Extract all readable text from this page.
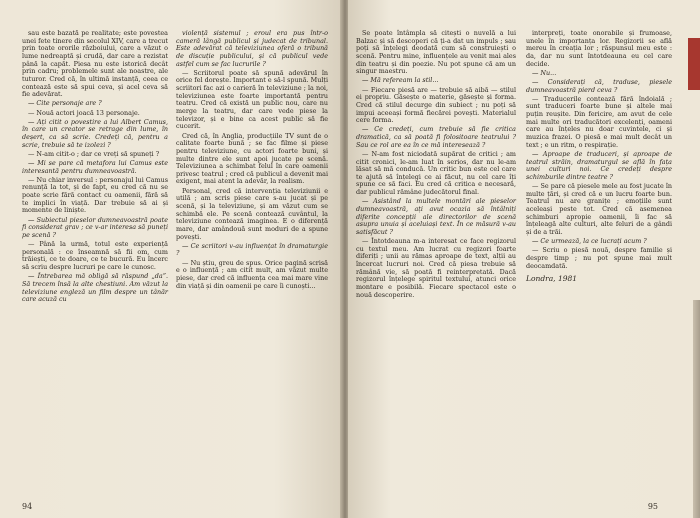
sau este bazată pe realitate; este povestea unei fete tinere din secolul XIV, care a trecut prin toate ororile războiului, care a văzut o lume nedreaptă și crudă, dar care a rezistat până la capăt. Piesa nu este istorică decât prin cadru; problemele sunt ale noastre, ale tuturor. Cred că, în ultimă instanță, ceea ce contează este să spui ceva, și acel ceva să fie adevărat.

— Cite personaje are ?

— Nouă actori joacă 13 personaje.

— Ați citit o povestire a lui Albert Camus, în care un creator se retrage din lume, în deșert, ca să scrie. Credeți că, pentru a scrie, trebuie să te izolezi ?

— N-am citit-o ; dar ce vreți să spuneți ?

— Mi se pare că metafora lui Camus este interesantă pentru dumneavoastră.

— Nu chiar inversul : personajul lui Camus renunță la tot, și de fapt, eu cred că nu se poate scrie fără contact cu oamenii, fără să te implici în viață. Dar trebuie să ai și momente de liniște.

— Subiectul pieselor dumneavoastră poate fi considerat grav ; ce v-ar interesa să puneți pe scenă ?

— Până la urmă, totul este experiență personală : ce înseamnă să fii om, cum trăiești, ce te doare, ce te bucură. Eu încerc să scriu despre lucruri pe care le cunosc.

— Întrebarea mă obligă să răspund „da”. Să trecem însă la alte chestiuni. Am văzut la televiziune engleză un film despre un tânăr care acuză cu

violență sistemul ; eroul era pus într-o cameră lângă publicul și judecat de tribunal. Este adevărat că televiziunea oferă o tribună de discuție publicului, și că publicul vede astfel cum se fac lucrurile ?

— Scriitorul poate să spună adevărul în orice fel dorește. Important e să-l spună. Mulți scriitori fac azi o carieră în televiziune ; la noi, televiziunea este foarte importantă pentru teatru. Cred că există un public nou, care nu merge la teatru, dar care vede piese la televizor, și e bine ca acest public să fie cucerit.

Cred că, în Anglia, producțiile TV sunt de o calitate foarte bună ; se fac filme și piese pentru televiziune, cu actori foarte buni, și multe dintre ele sunt apoi jucate pe scenă. Televiziunea a schimbat felul în care oamenii privesc teatrul ; cred că publicul a devenit mai exigent, mai atent la adevăr, la realism.

Personal, cred că intervenția televiziunii e utilă ; am scris piese care s-au jucat și pe scenă, și la televiziune, și am văzut cum se schimbă ele. Pe scenă contează cuvântul, la televiziune contează imaginea. E o diferență mare, dar amândouă sunt moduri de a spune povești.

— Ce scriitori v-au influențat în dramaturgie ?

— Nu știu, greu de spus. Orice pagină scrisă e o influență ; am citit mult, am văzut multe piese, dar cred că influența cea mai mare vine din viață și din oamenii pe care îi cunoști...

94

Se poate întâmpla să citești o nuvelă a lui Balzac și să descoperi că ți-a dat un impuls ; sau poți să înțelegi deodată cum să construiești o scenă. Pentru mine, influențele au venit mai ales din teatru și din poezie. Nu pot spune că am un singur maestru.

— Mă refeream la stil...

— Fiecare piesă are — trebuie să aibă — stilul ei propriu. Găsește o materie, găsește și forma. Cred că stilul decurge din subiect ; nu poți să impui aceeași formă fiecărei povești. Materialul cere forma.

— Ce credeți, cum trebuie să fie critica dramatică, ca să poată fi folositoare teatrului ? Sau ce rol are ea în ce mă interesează ?

— N-am fost niciodată supărat de critici ; am citit cronici, le-am luat în serios, dar nu le-am lăsat să mă conducă. Un critic bun este cel care te ajută să înțelegi ce ai făcut, nu cel care îți spune ce să faci. Eu cred că critica e necesară, dar publicul rămâne judecătorul final.

— Asistând la multele montări ale pieselor dumneavoastră, ați avut ocazia să întâlniți diferite concepții ale directorilor de scenă asupra unuia și aceluiași text. În ce măsură v-au satisfăcut ?

— Întotdeauna m-a interesat ce face regizorul cu textul meu. Am lucrat cu regizori foarte diferiți ; unii au rămas aproape de text, alții au încercat lucruri noi. Cred că piesa trebuie să rămână vie, să poată fi reinterpretată. Dacă regizorul înțelege spiritul textului, atunci orice montare e posibilă. Fiecare spectacol este o nouă descoperire.

interpreți, toate onorabile și frumoase, unele în importanța lor. Regizorii se află mereu în creația lor ; răspunsul meu este : da, dar nu sunt întotdeauna eu cel care decide.

— Nu...

— Considerați că, traduse, piesele dumneavoastră pierd ceva ?

— Traducerile contează fără îndoială ; sunt traduceri foarte bune și altele mai puțin reușite. Din fericire, am avut de cele mai multe ori traducători excelenți, oameni care au înțeles nu doar cuvintele, ci și muzica frazei. O piesă e mai mult decât un text ; e un ritm, o respirație.

— Aproape de traduceri, și aproape de teatrul străin, dramaturgul se află în fața unei culturi noi. Ce credeți despre schimburile dintre teatre ?

— Se pare că piesele mele au fost jucate în multe țări, și cred că e un lucru foarte bun. Teatrul nu are granițe ; emoțiile sunt aceleași peste tot. Cred că asemenea schimburi apropie oamenii, îi fac să înțeleagă alte culturi, alte feluri de a gândi și de a trăi.

— Ce urmează, la ce lucrați acum ?

— Scriu o piesă nouă, despre familie și despre timp ; nu pot spune mai mult deocamdată.

Londra, 1981

95
